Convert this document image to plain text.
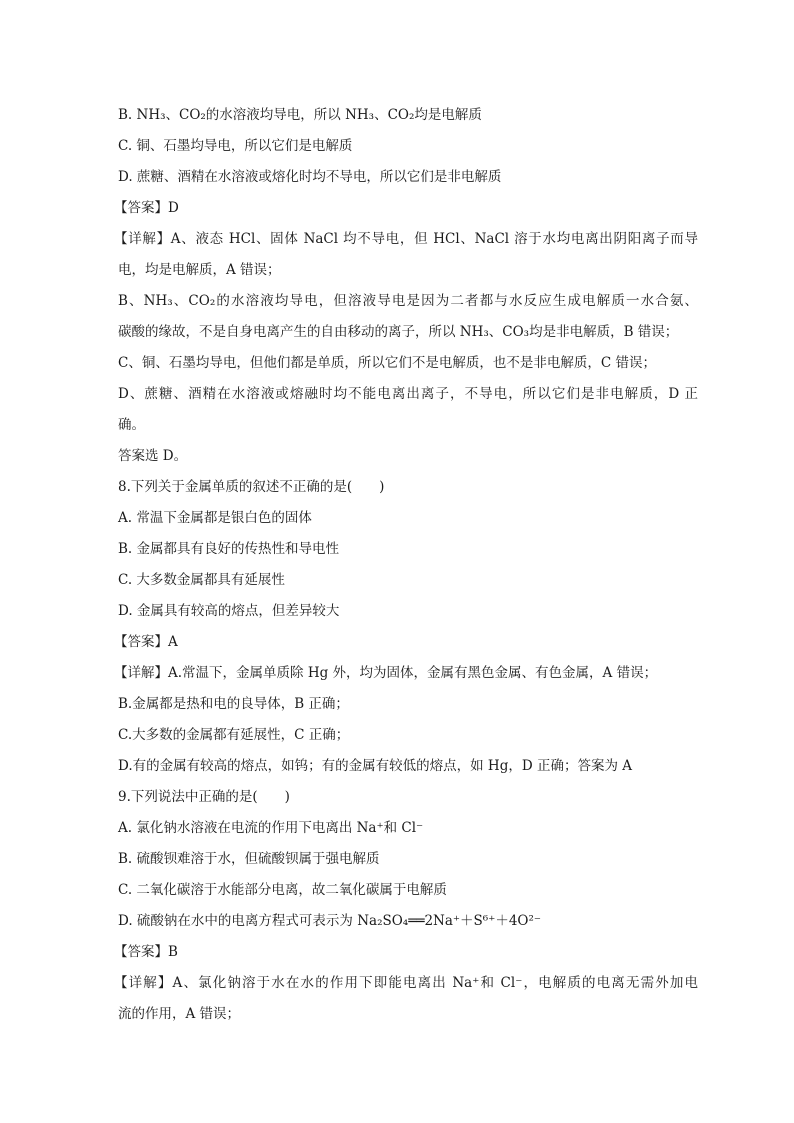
B. NH₃、CO₂的水溶液均导电，所以 NH₃、CO₂均是电解质
C. 铜、石墨均导电，所以它们是电解质
D. 蔗糖、酒精在水溶液或熔化时均不导电，所以它们是非电解质
【答案】D
【详解】A、液态 HCl、固体 NaCl 均不导电，但 HCl、NaCl 溶于水均电离出阴阳离子而导
电，均是电解质，A 错误；
B、NH₃、CO₂的水溶液均导电，但溶液导电是因为二者都与水反应生成电解质一水合氨、
碳酸的缘故，不是自身电离产生的自由移动的离子，所以 NH₃、CO₃均是非电解质，B 错误；
C、铜、石墨均导电，但他们都是单质，所以它们不是电解质，也不是非电解质，C 错误；
D、蔗糖、酒精在水溶液或熔融时均不能电离出离子，不导电，所以它们是非电解质，D 正
确。
答案选 D。
8.下列关于金属单质的叙述不正确的是(　　)
A. 常温下金属都是银白色的固体
B. 金属都具有良好的传热性和导电性
C. 大多数金属都具有延展性
D. 金属具有较高的熔点，但差异较大
【答案】A
【详解】A.常温下，金属单质除 Hg 外，均为固体，金属有黑色金属、有色金属，A 错误；
B.金属都是热和电的良导体，B 正确；
C.大多数的金属都有延展性，C 正确；
D.有的金属有较高的熔点，如钨；有的金属有较低的熔点，如 Hg，D 正确；答案为 A
9.下列说法中正确的是(　　)
A. 氯化钠水溶液在电流的作用下电离出 Na⁺和 Cl⁻
B. 硫酸钡难溶于水，但硫酸钡属于强电解质
C. 二氧化碳溶于水能部分电离，故二氧化碳属于电解质
D. 硫酸钠在水中的电离方程式可表示为 Na₂SO₄══2Na⁺＋S⁶⁺＋4O²⁻
【答案】B
【详解】A、氯化钠溶于水在水的作用下即能电离出 Na⁺和 Cl⁻，电解质的电离无需外加电
流的作用，A 错误；
